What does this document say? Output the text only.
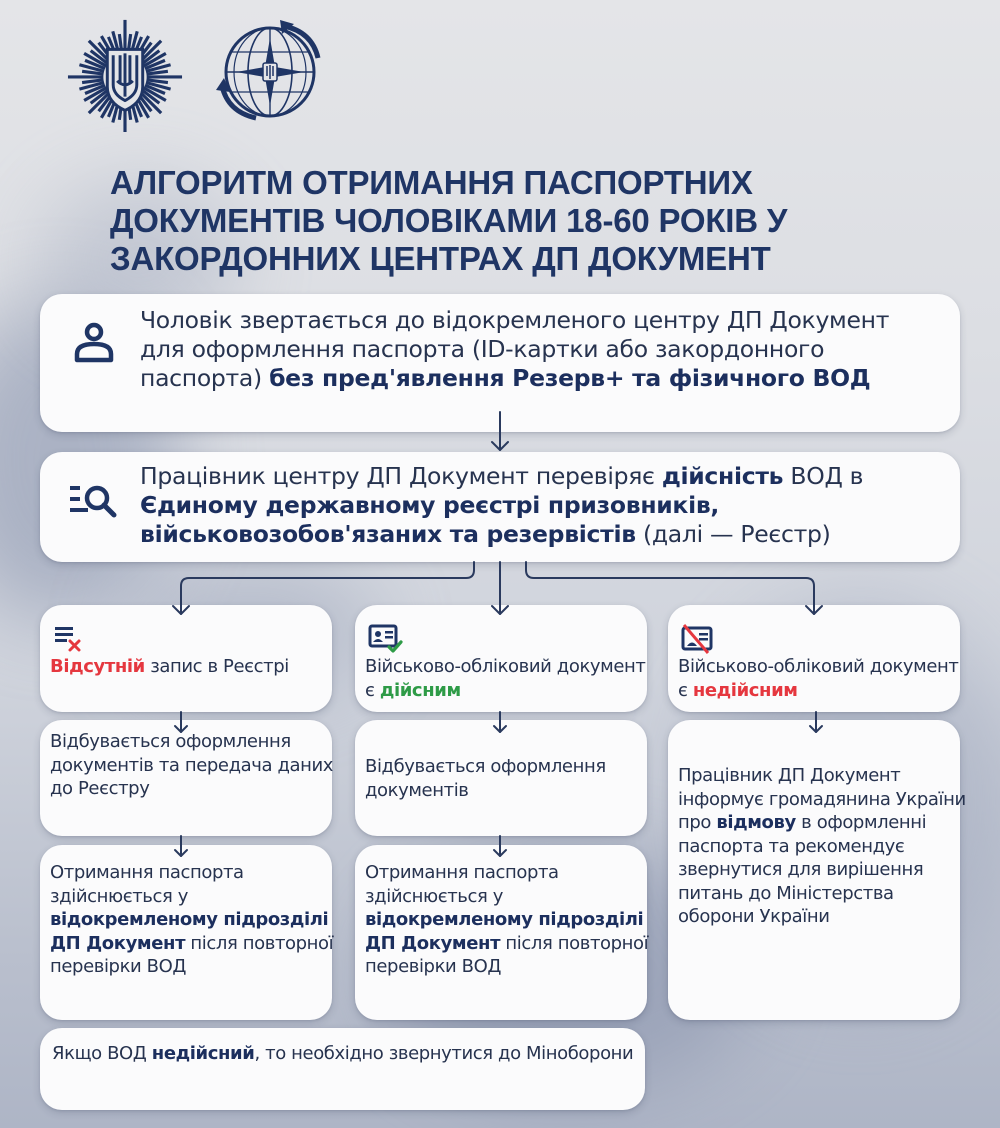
АЛГОРИТМ ОТРИМАННЯ ПАСПОРТНИХ
ДОКУМЕНТІВ ЧОЛОВІКАМИ 18-60 РОКІВ У
ЗАКОРДОННИХ ЦЕНТРАХ ДП ДОКУМЕНТ
Чоловік звертається до відокремленого центру ДП Документ для оформлення паспорта (ID-картки або закордонного паспорта) без пред'явлення Резерв+ та фізичного ВОД
Працівник центру ДП Документ перевіряє дійсність ВОД в Єдиному державному реєстрі призовників, військовозобов'язаних та резервістів (далі — Реєстр)
Відсутній запис в Реєстрі	Військово-обліковий документ є дійсним
Військово-обліковий документ є недійсним
Відбувається оформлення документів та передача даних до Реєстру
Відбувається оформлення документів
Отримання паспорта здійснюється у відокремленому підрозділі ДП Документ після повторної перевірки ВОД
Отримання паспорта здійснюється у відокремленому підрозділі ДП Документ після повторної перевірки ВОД
Працівник ДП Документ інформує громадянина України про відмову в оформленні паспорта та рекомендує звернутися для вирішення питань до Міністерства оборони України
Якщо ВОД недійсний, то необхідно звернутися до Міноборони
